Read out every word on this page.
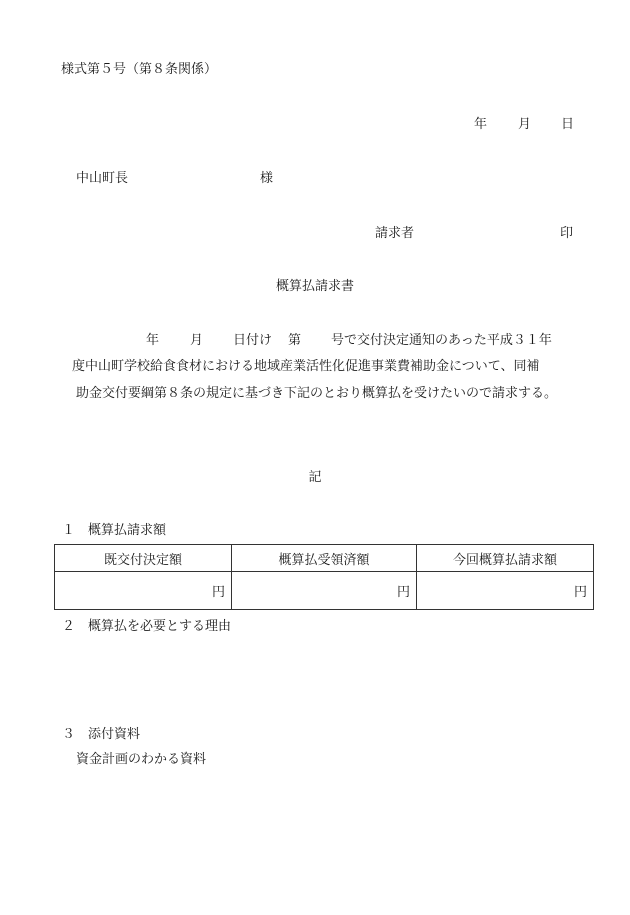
様式第５号（第８条関係）
年 月 日
中山町長	様
請求者	印
概算払請求書
年 月 日付け 第 号で交付決定通知のあった平成３１年
度中山町学校給食食材における地域産業活性化促進事業費補助金について、同補
助金交付要綱第８条の規定に基づき下記のとおり概算払を受けたいので請求する。
記
１　概算払請求額
既交付決定額	概算払受領済額	今回概算払請求額
円	円	円
２　概算払を必要とする理由
３　添付資料
資金計画のわかる資料
